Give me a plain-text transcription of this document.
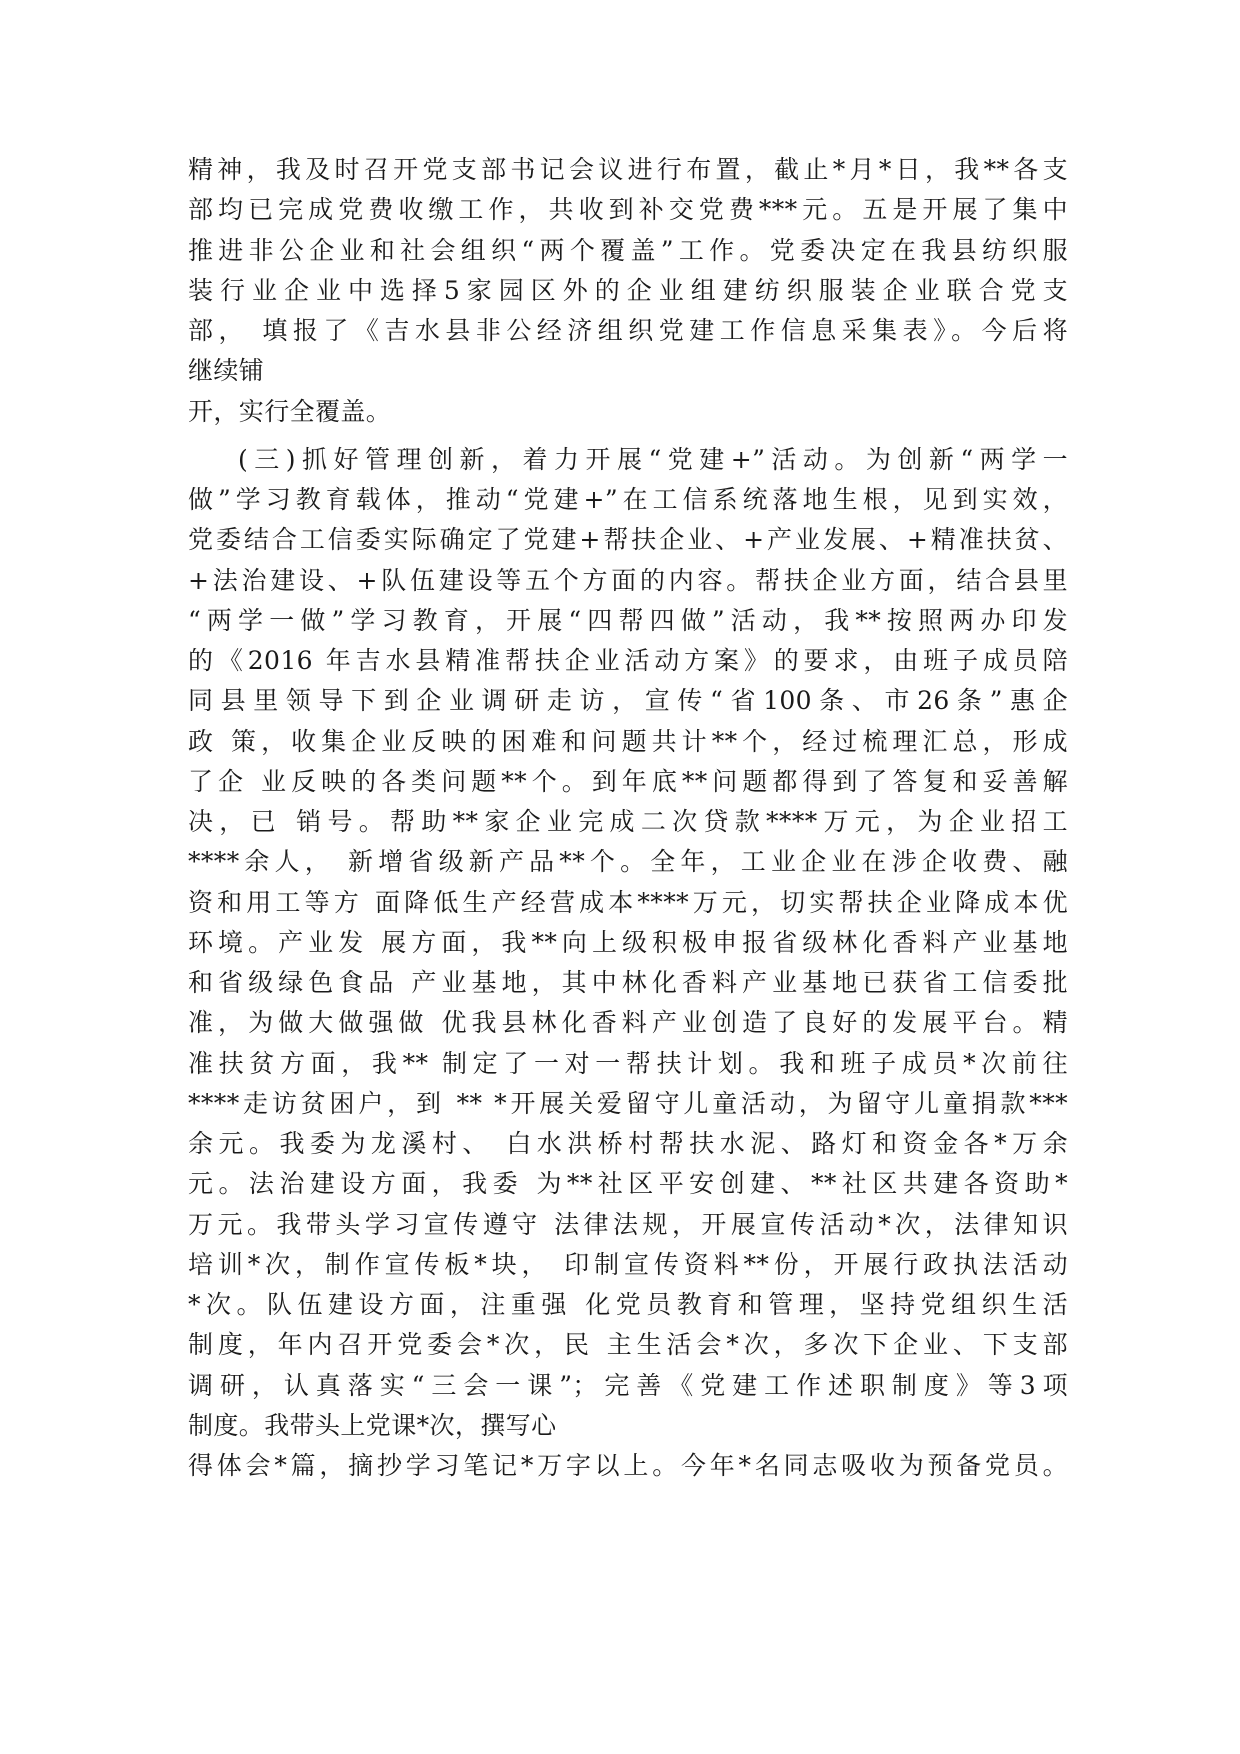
精神，我及时召开党支部书记会议进行布置，截止*月*日，我**各支
部均已完成党费收缴工作，共收到补交党费***元。五是开展了集中
推进非公企业和社会组织“两个覆盖”工作。党委决定在我县纺织服
装行业企业中选择5家园区外的企业组建纺织服装企业联合党支
部， 填报了《吉水县非公经济组织党建工作信息采集表》。今后将
继续铺
开，实行全覆盖。
(三)抓好管理创新，着力开展“党建+”活动。为创新“两学一
做”学习教育载体，推动“党建+”在工信系统落地生根，见到实效，
党委结合工信委实际确定了党建+帮扶企业、+产业发展、+精准扶贫、
+法治建设、+队伍建设等五个方面的内容。帮扶企业方面，结合县里
“两学一做”学习教育，开展“四帮四做”活动，我**按照两办印发
的《2016 年吉水县精准帮扶企业活动方案》的要求，由班子成员陪
同县里领导下到企业调研走访，宣传“省100条、市26条”惠企
政 策，收集企业反映的困难和问题共计**个，经过梳理汇总，形成
了企 业反映的各类问题**个。到年底**问题都得到了答复和妥善解
决，已 销号。帮助**家企业完成二次贷款****万元，为企业招工
****余人， 新增省级新产品**个。全年，工业企业在涉企收费、融
资和用工等方 面降低生产经营成本****万元，切实帮扶企业降成本优
环境。产业发 展方面，我**向上级积极申报省级林化香料产业基地
和省级绿色食品 产业基地，其中林化香料产业基地已获省工信委批
准，为做大做强做 优我县林化香料产业创造了良好的发展平台。精
准扶贫方面，我** 制定了一对一帮扶计划。我和班子成员*次前往
****走访贫困户，到 ** *开展关爱留守儿童活动，为留守儿童捐款***
余元。我委为龙溪村、 白水洪桥村帮扶水泥、路灯和资金各*万余
元。法治建设方面，我委 为**社区平安创建、**社区共建各资助*
万元。我带头学习宣传遵守 法律法规，开展宣传活动*次，法律知识
培训*次，制作宣传板*块， 印制宣传资料**份，开展行政执法活动
*次。队伍建设方面，注重强 化党员教育和管理，坚持党组织生活
制度，年内召开党委会*次，民 主生活会*次，多次下企业、下支部
调研，认真落实“三会一课”；完善《党建工作述职制度》等3项
制度。我带头上党课*次，撰写心
得体会*篇，摘抄学习笔记*万字以上。今年*名同志吸收为预备党员。
